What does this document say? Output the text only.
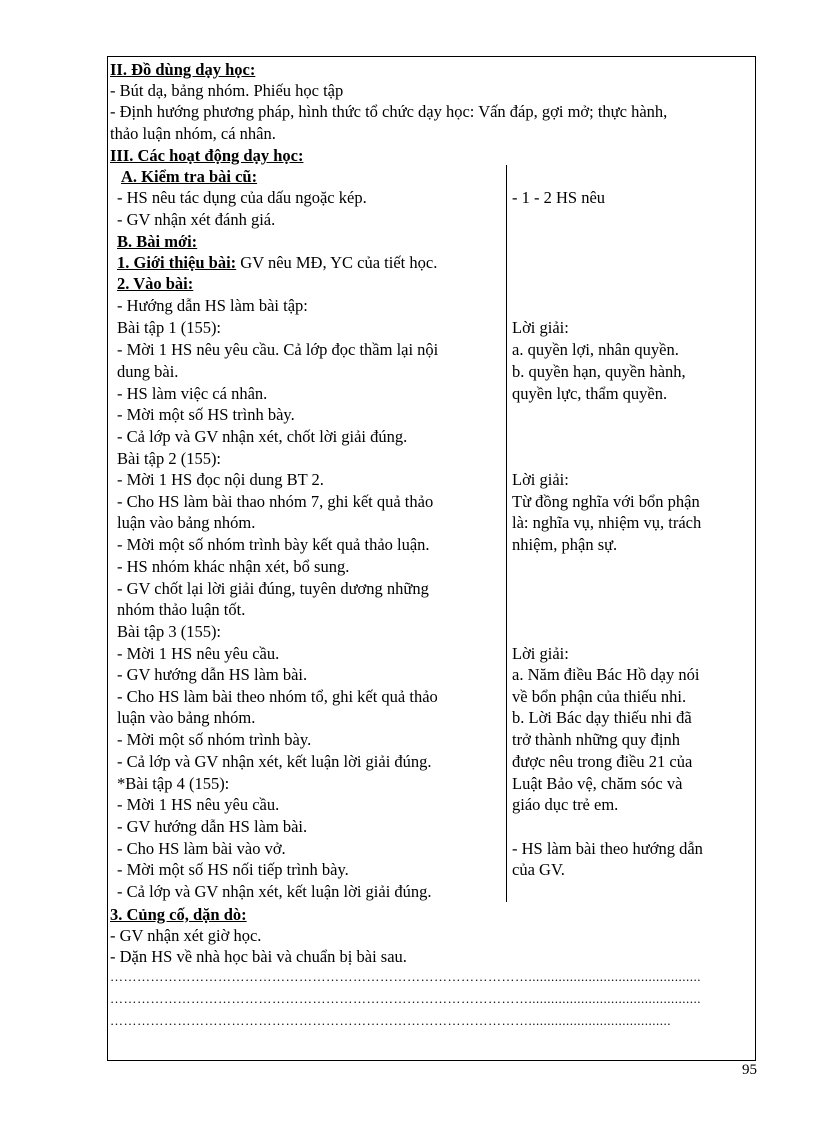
II. Đồ dùng dạy học:
- Bút dạ, bảng nhóm. Phiếu học tập
- Định hướng phương pháp, hình thức tổ chức dạy học: Vấn đáp, gợi mở; thực hành,
thảo luận nhóm, cá nhân.
III. Các hoạt động dạy học:
A. Kiểm tra bài cũ:
- HS nêu tác dụng của dấu ngoặc kép.	- 1 - 2 HS nêu
- GV nhận xét đánh giá.
B. Bài mới:
1. Giới thiệu bài: GV nêu MĐ, YC của tiết học.
2. Vào bài:
- Hướng dẫn HS làm bài tập:
Bài tập 1 (155):
- Mời 1 HS nêu yêu cầu. Cả lớp đọc thầm lại nội
dung bài.
- HS làm việc cá nhân.
- Mời một số HS trình bày.
- Cả lớp và GV nhận xét, chốt lời giải đúng.
Lời giải:
a. quyền lợi, nhân quyền.
b. quyền hạn, quyền hành,
quyền lực, thẩm quyền.
Bài tập 2 (155):
- Mời 1 HS đọc nội dung BT 2.
- Cho HS làm bài thao nhóm 7, ghi kết quả thảo
luận vào bảng nhóm.
- Mời một số nhóm trình bày kết quả thảo luận.
- HS nhóm khác nhận xét, bổ sung.
- GV chốt lại lời giải đúng, tuyên dương những
nhóm thảo luận tốt.
Lời giải:
Từ đồng nghĩa với bổn phận
là: nghĩa vụ, nhiệm vụ, trách
nhiệm, phận sự.
Bài tập 3 (155):
- Mời 1 HS nêu yêu cầu.
- GV hướng dẫn HS làm bài.
- Cho HS làm bài theo nhóm tổ, ghi kết quả thảo
luận vào bảng nhóm.
- Mời một số nhóm trình bày.
- Cả lớp và GV nhận xét, kết luận lời giải đúng.
Lời giải:
a. Năm điều Bác Hồ dạy nói
về bổn phận của thiếu nhi.
b. Lời Bác dạy thiếu nhi đã
trở thành những quy định
được nêu trong điều 21 của
Luật Bảo vệ, chăm sóc và
giáo dục trẻ em.
*Bài tập 4 (155):
- Mời 1 HS nêu yêu cầu.
- GV hướng dẫn HS làm bài.
- Cho HS làm bài vào vở.
- Mời một số HS nối tiếp trình bày.
- Cả lớp và GV nhận xét, kết luận lời giải đúng.
- HS làm bài theo hướng dẫn
của GV.
3. Củng cố, dặn dò:
- GV nhận xét giờ học.
- Dặn HS về nhà học bài và chuẩn bị bài sau.
…………………………………………………………………………………..............................................
…………………………………………………………………………………..............................................
…………………………………………………………………………………......................................
95
